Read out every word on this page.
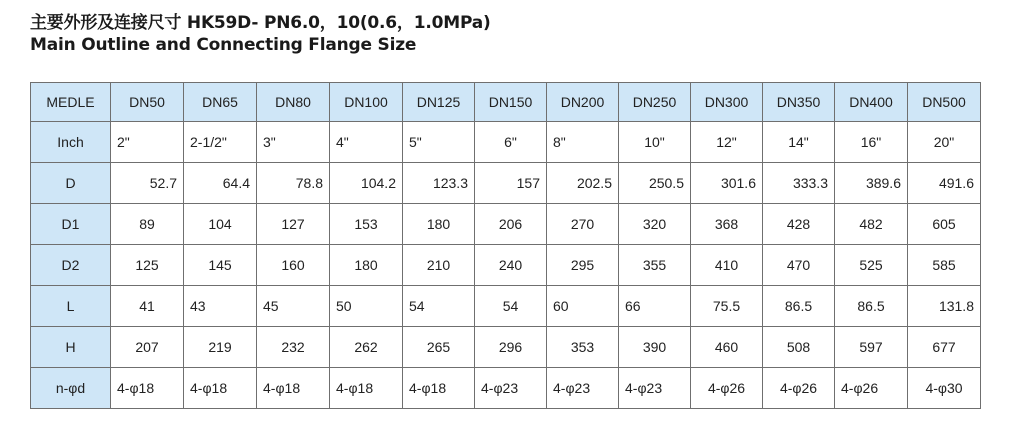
主要外形及连接尺寸 HK59D- PN6.0，10(0.6，1.0MPa)
Main Outline and Connecting Flange Size
MEDLE	DN50	DN65	DN80	DN100	DN125	DN150	DN200	DN250	DN300	DN350	DN400	DN500
Inch	2"	2-1/2"	3"	4"	5"	6"	8"	10"	12"	14"	16"	20"
D	52.7	64.4	78.8	104.2	123.3	157	202.5	250.5	301.6	333.3	389.6	491.6
D1	89	104	127	153	180	206	270	320	368	428	482	605
D2	125	145	160	180	210	240	295	355	410	470	525	585
L	41	43	45	50	54	54	60	66	75.5	86.5	86.5	131.8
H	207	219	232	262	265	296	353	390	460	508	597	677
n-φd	4-φ18	4-φ18	4-φ18	4-φ18	4-φ18	4-φ23	4-φ23	4-φ23	4-φ26	4-φ26	4-φ26	4-φ30
